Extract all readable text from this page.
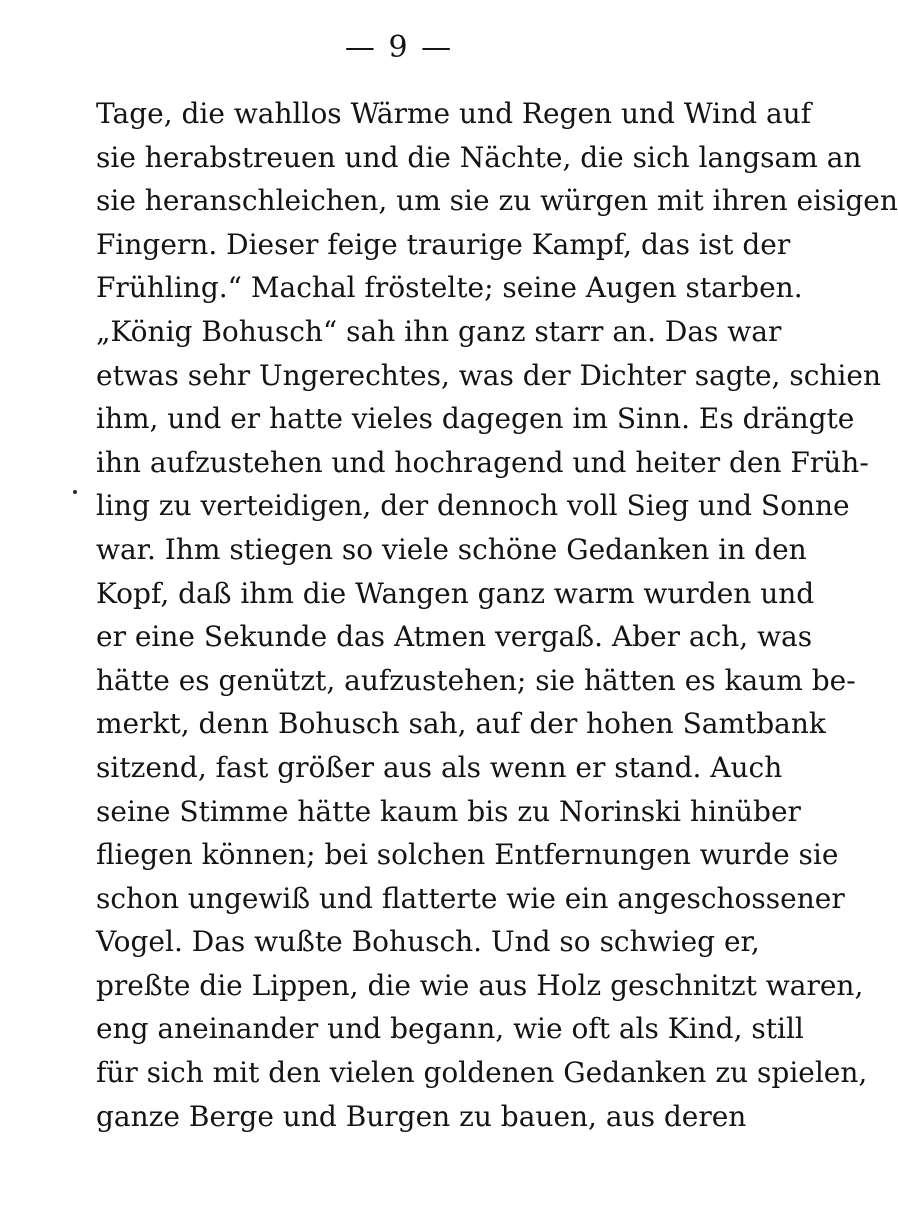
— 9 —
Tage, die wahllos Wärme und Regen und Wind auf
sie herabstreuen und die Nächte, die sich langsam an
sie heranschleichen, um sie zu würgen mit ihren eisigen
Fingern. Dieser feige traurige Kampf, das ist der
Frühling.“ Machal fröstelte; seine Augen starben.
„König Bohusch“ sah ihn ganz starr an. Das war
etwas sehr Ungerechtes, was der Dichter sagte, schien
ihm, und er hatte vieles dagegen im Sinn. Es drängte
ihn aufzustehen und hochragend und heiter den Früh-
ling zu verteidigen, der dennoch voll Sieg und Sonne
war. Ihm stiegen so viele schöne Gedanken in den
Kopf, daß ihm die Wangen ganz warm wurden und
er eine Sekunde das Atmen vergaß. Aber ach, was
hätte es genützt, aufzustehen; sie hätten es kaum be-
merkt, denn Bohusch sah, auf der hohen Samtbank
sitzend, fast größer aus als wenn er stand. Auch
seine Stimme hätte kaum bis zu Norinski hinüber
fliegen können; bei solchen Entfernungen wurde sie
schon ungewiß und flatterte wie ein angeschossener
Vogel. Das wußte Bohusch. Und so schwieg er,
preßte die Lippen, die wie aus Holz geschnitzt waren,
eng aneinander und begann, wie oft als Kind, still
für sich mit den vielen goldenen Gedanken zu spielen,
ganze Berge und Burgen zu bauen, aus deren
